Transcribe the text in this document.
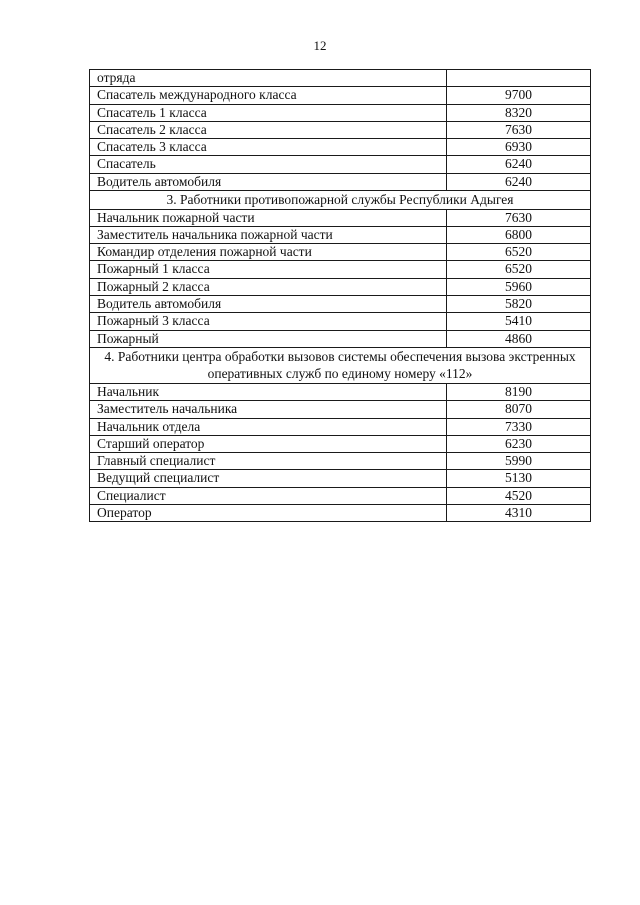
12
отряда	
Спасатель международного класса	9700
Спасатель 1 класса	8320
Спасатель 2 класса	7630
Спасатель 3 класса	6930
Спасатель	6240
Водитель автомобиля	6240
3. Работники противопожарной службы Республики Адыгея	
Начальник пожарной части	7630
Заместитель начальника пожарной части	6800
Командир отделения пожарной части	6520
Пожарный 1 класса	6520
Пожарный 2 класса	5960
Водитель автомобиля	5820
Пожарный 3 класса	5410
Пожарный	4860
4. Работники центра обработки вызовов системы обеспечения вызова экстренных оперативных служб по единому номеру «112»	
Начальник	8190
Заместитель начальника	8070
Начальник отдела	7330
Старший оператор	6230
Главный специалист	5990
Ведущий специалист	5130
Специалист	4520
Оператор	4310
